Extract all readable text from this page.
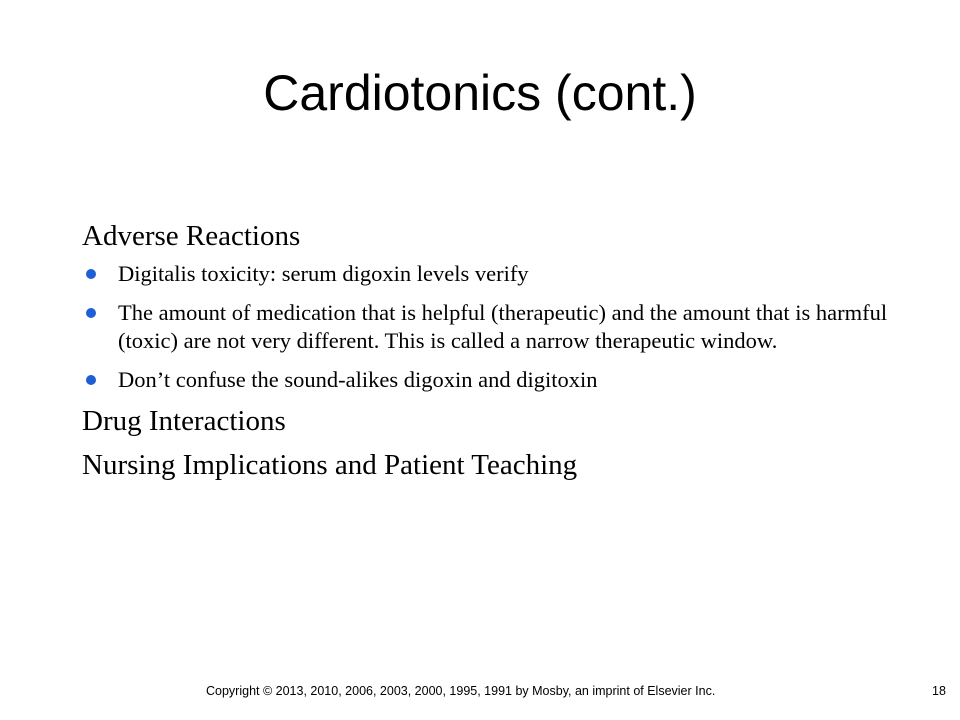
Cardiotonics (cont.)

Adverse Reactions

Digitalis toxicity: serum digoxin levels verify
The amount of medication that is helpful (therapeutic) and the amount that is harmful (toxic) are not very different. This is called a narrow therapeutic window.
Don’t confuse the sound-alikes digoxin and digitoxin

Drug Interactions

Nursing Implications and Patient Teaching

Copyright © 2013, 2010, 2006, 2003, 2000, 1995, 1991 by Mosby, an imprint of Elsevier Inc.	18
